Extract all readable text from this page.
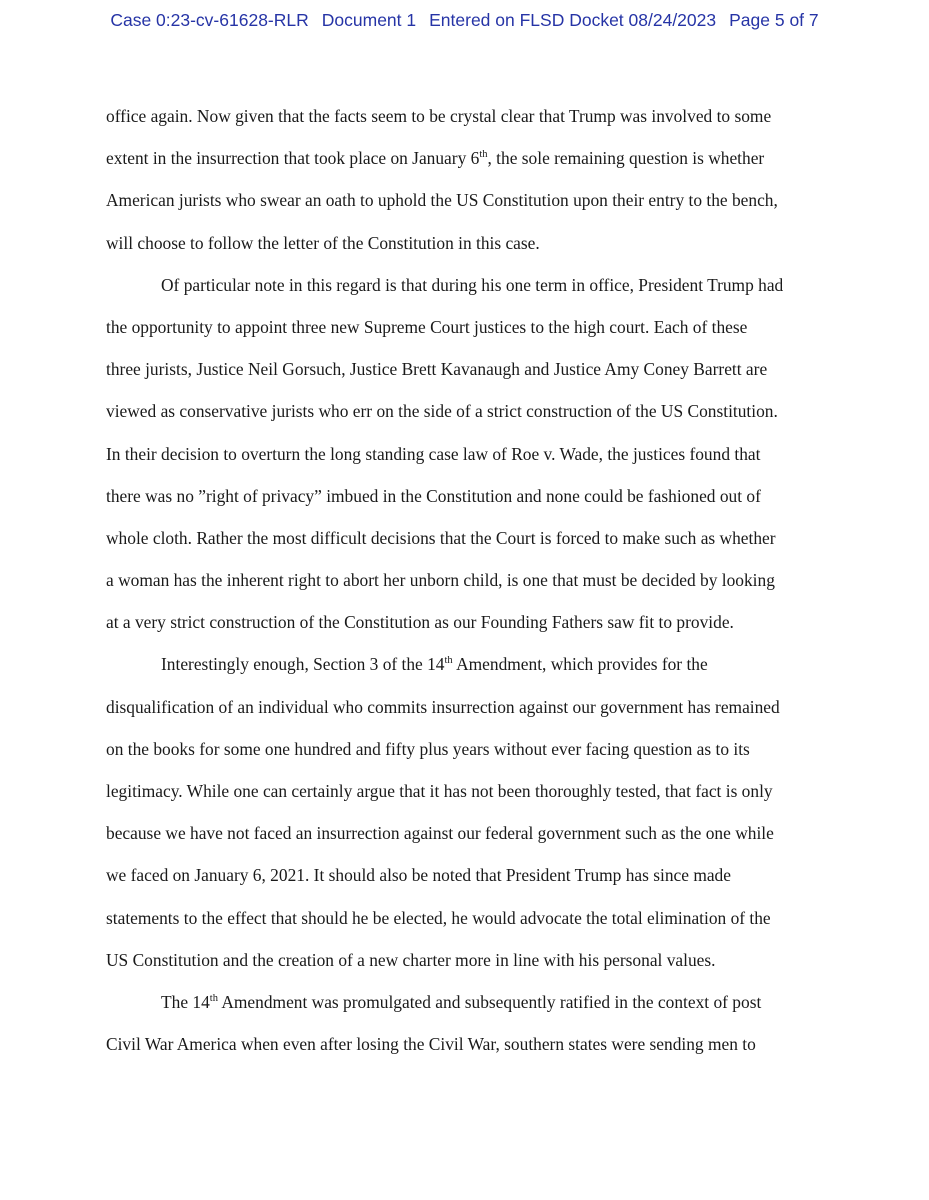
Case 0:23-cv-61628-RLR Document 1 Entered on FLSD Docket 08/24/2023 Page 5 of 7
office again. Now given that the facts seem to be crystal clear that Trump was involved to some
extent in the insurrection that took place on January 6th, the sole remaining question is whether
American jurists who swear an oath to uphold the US Constitution upon their entry to the bench,
will choose to follow the letter of the Constitution in this case.
Of particular note in this regard is that during his one term in office, President Trump had
the opportunity to appoint three new Supreme Court justices to the high court. Each of these
three jurists, Justice Neil Gorsuch, Justice Brett Kavanaugh and Justice Amy Coney Barrett are
viewed as conservative jurists who err on the side of a strict construction of the US Constitution.
In their decision to overturn the long standing case law of Roe v. Wade, the justices found that
there was no ”right of privacy” imbued in the Constitution and none could be fashioned out of
whole cloth. Rather the most difficult decisions that the Court is forced to make such as whether
a woman has the inherent right to abort her unborn child, is one that must be decided by looking
at a very strict construction of the Constitution as our Founding Fathers saw fit to provide.
Interestingly enough, Section 3 of the 14th Amendment, which provides for the
disqualification of an individual who commits insurrection against our government has remained
on the books for some one hundred and fifty plus years without ever facing question as to its
legitimacy. While one can certainly argue that it has not been thoroughly tested, that fact is only
because we have not faced an insurrection against our federal government such as the one while
we faced on January 6, 2021. It should also be noted that President Trump has since made
statements to the effect that should he be elected, he would advocate the total elimination of the
US Constitution and the creation of a new charter more in line with his personal values.
The 14th Amendment was promulgated and subsequently ratified in the context of post
Civil War America when even after losing the Civil War, southern states were sending men to
